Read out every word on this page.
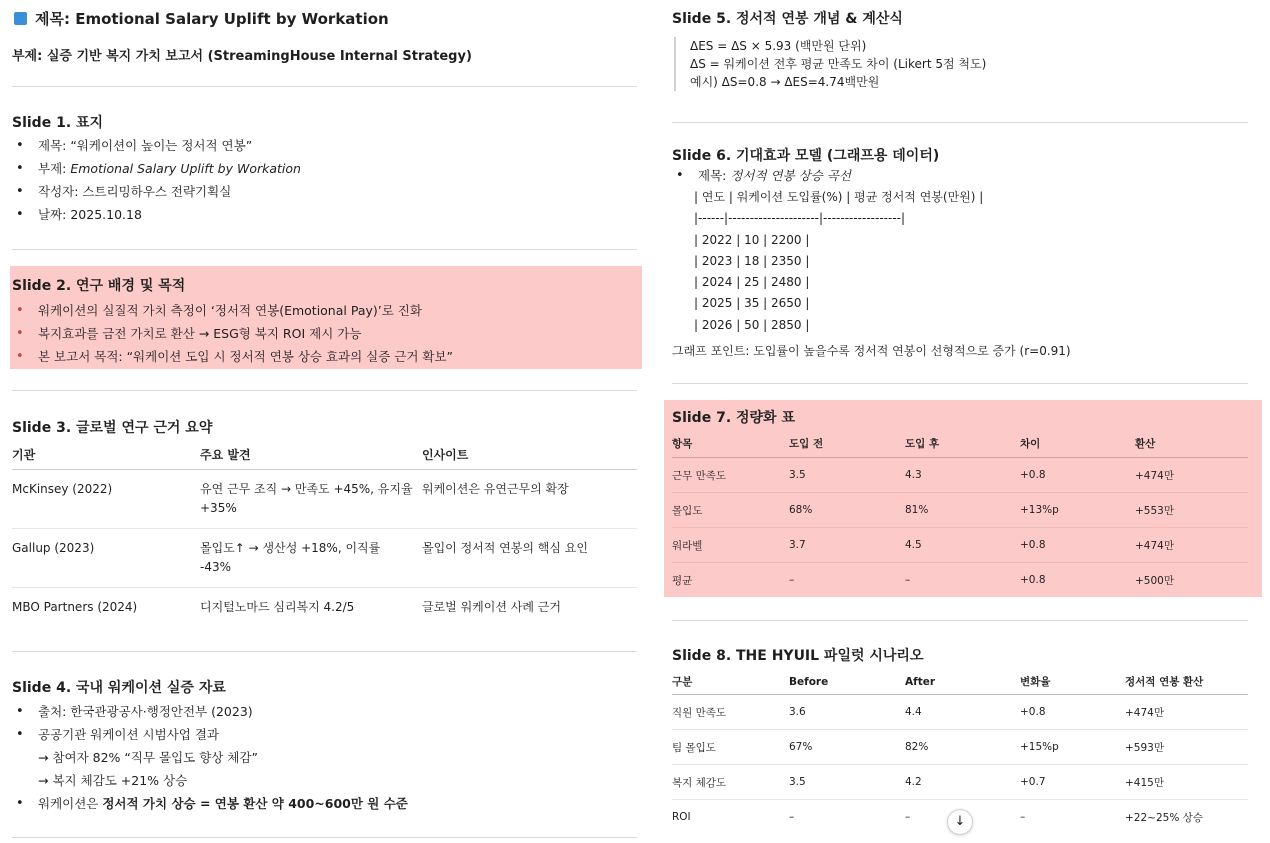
제목: Emotional Salary Uplift by Workation
부제: 실증 기반 복지 가치 보고서 (StreamingHouse Internal Strategy)
Slide 1. 표지
• 제목: “워케이션이 높이는 정서적 연봉”
• 부제: Emotional Salary Uplift by Workation
• 작성자: 스트리밍하우스 전략기획실
• 날짜: 2025.10.18
Slide 2. 연구 배경 및 목적
• 워케이션의 실질적 가치 측정이 ‘정서적 연봉(Emotional Pay)’로 진화
• 복지효과를 금전 가치로 환산 → ESG형 복지 ROI 제시 가능
• 본 보고서 목적: “워케이션 도입 시 정서적 연봉 상승 효과의 실증 근거 확보”
Slide 3. 글로벌 연구 근거 요약
기관	주요 발견	인사이트
McKinsey (2022)	유연 근무 조직 → 만족도 +45%, 유지율 +35%	워케이션은 유연근무의 확장
Gallup (2023)	몰입도↑ → 생산성 +18%, 이직률 -43%	몰입이 정서적 연봉의 핵심 요인
MBO Partners (2024)	디지털노마드 심리복지 4.2/5	글로벌 워케이션 사례 근거
Slide 4. 국내 워케이션 실증 자료
• 출처: 한국관광공사·행정안전부 (2023)
• 공공기관 워케이션 시범사업 결과
→ 참여자 82% “직무 몰입도 향상 체감”
→ 복지 체감도 +21% 상승
• 워케이션은 정서적 가치 상승 = 연봉 환산 약 400~600만 원 수준
Slide 5. 정서적 연봉 개념 & 계산식
ΔES = ΔS × 5.93 (백만원 단위)
ΔS = 워케이션 전후 평균 만족도 차이 (Likert 5점 척도)
예시) ΔS=0.8 → ΔES=4.74백만원
Slide 6. 기대효과 모델 (그래프용 데이터)
• 제목: 정서적 연봉 상승 곡선
| 연도 | 워케이션 도입률(%) | 평균 정서적 연봉(만원) |
|------|---------------------|------------------|
| 2022 | 10 | 2200 |
| 2023 | 18 | 2350 |
| 2024 | 25 | 2480 |
| 2025 | 35 | 2650 |
| 2026 | 50 | 2850 |
그래프 포인트: 도입률이 높을수록 정서적 연봉이 선형적으로 증가 (r=0.91)
Slide 7. 정량화 표
항목	도입 전	도입 후	차이	환산
근무 만족도	3.5	4.3	+0.8	+474만
몰입도	68%	81%	+13%p	+553만
워라벨	3.7	4.5	+0.8	+474만
평균	–	–	+0.8	+500만
Slide 8. THE HYUIL 파일럿 시나리오
구분	Before	After	변화율	정서적 연봉 환산
직원 만족도	3.6	4.4	+0.8	+474만
팀 몰입도	67%	82%	+15%p	+593만
복지 체감도	3.5	4.2	+0.7	+415만
ROI	–	–	–	+22~25% 상승
↓
